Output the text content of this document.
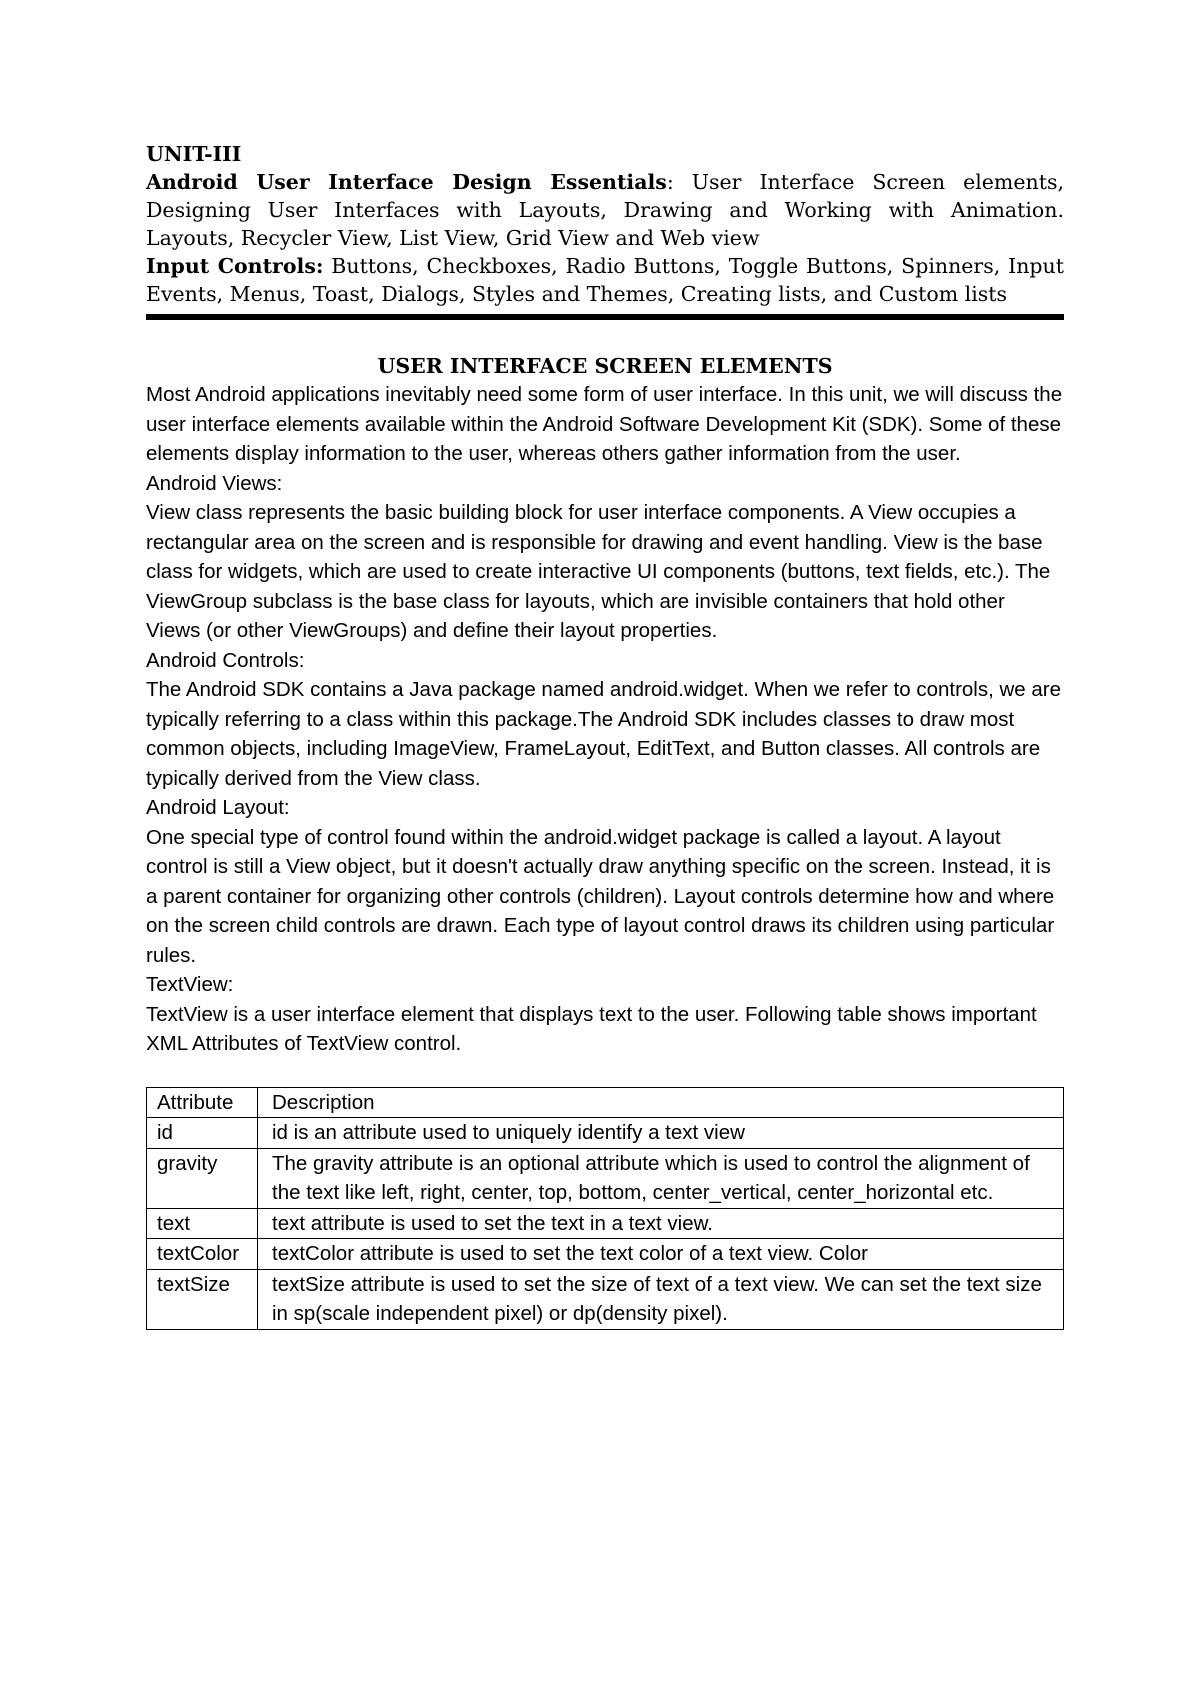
UNIT-III

Android User Interface Design Essentials: User Interface Screen elements, Designing User Interfaces with Layouts, Drawing and Working with Animation. Layouts, Recycler View, List View, Grid View and Web view

Input Controls: Buttons, Checkboxes, Radio Buttons, Toggle Buttons, Spinners, Input Events, Menus, Toast, Dialogs, Styles and Themes, Creating lists, and Custom lists

USER INTERFACE SCREEN ELEMENTS

Most Android applications inevitably need some form of user interface. In this unit, we will discuss the user interface elements available within the Android Software Development Kit (SDK). Some of these elements display information to the user, whereas others gather information from the user.

Android Views:

View class represents the basic building block for user interface components. A View occupies a rectangular area on the screen and is responsible for drawing and event handling. View is the base class for widgets, which are used to create interactive UI components (buttons, text fields, etc.). The ViewGroup subclass is the base class for layouts, which are invisible containers that hold other Views (or other ViewGroups) and define their layout properties.

Android Controls:

The Android SDK contains a Java package named android.widget. When we refer to controls, we are typically referring to a class within this package.The Android SDK includes classes to draw most common objects, including ImageView, FrameLayout, EditText, and Button classes. All controls are typically derived from the View class.

Android Layout:

One special type of control found within the android.widget package is called a layout. A layout control is still a View object, but it doesn't actually draw anything specific on the screen. Instead, it is a parent container for organizing other controls (children). Layout controls determine how and where on the screen child controls are drawn. Each type of layout control draws its children using particular rules.

TextView:

TextView is a user interface element that displays text to the user. Following table shows important XML Attributes of TextView control.

Attribute	Description
id	id is an attribute used to uniquely identify a text view
gravity	The gravity attribute is an optional attribute which is used to control the alignment of the text like left, right, center, top, bottom, center_vertical, center_horizontal etc.
text	text attribute is used to set the text in a text view.
textColor	textColor attribute is used to set the text color of a text view. Color
textSize	textSize attribute is used to set the size of text of a text view. We can set the text size in sp(scale independent pixel) or dp(density pixel).
